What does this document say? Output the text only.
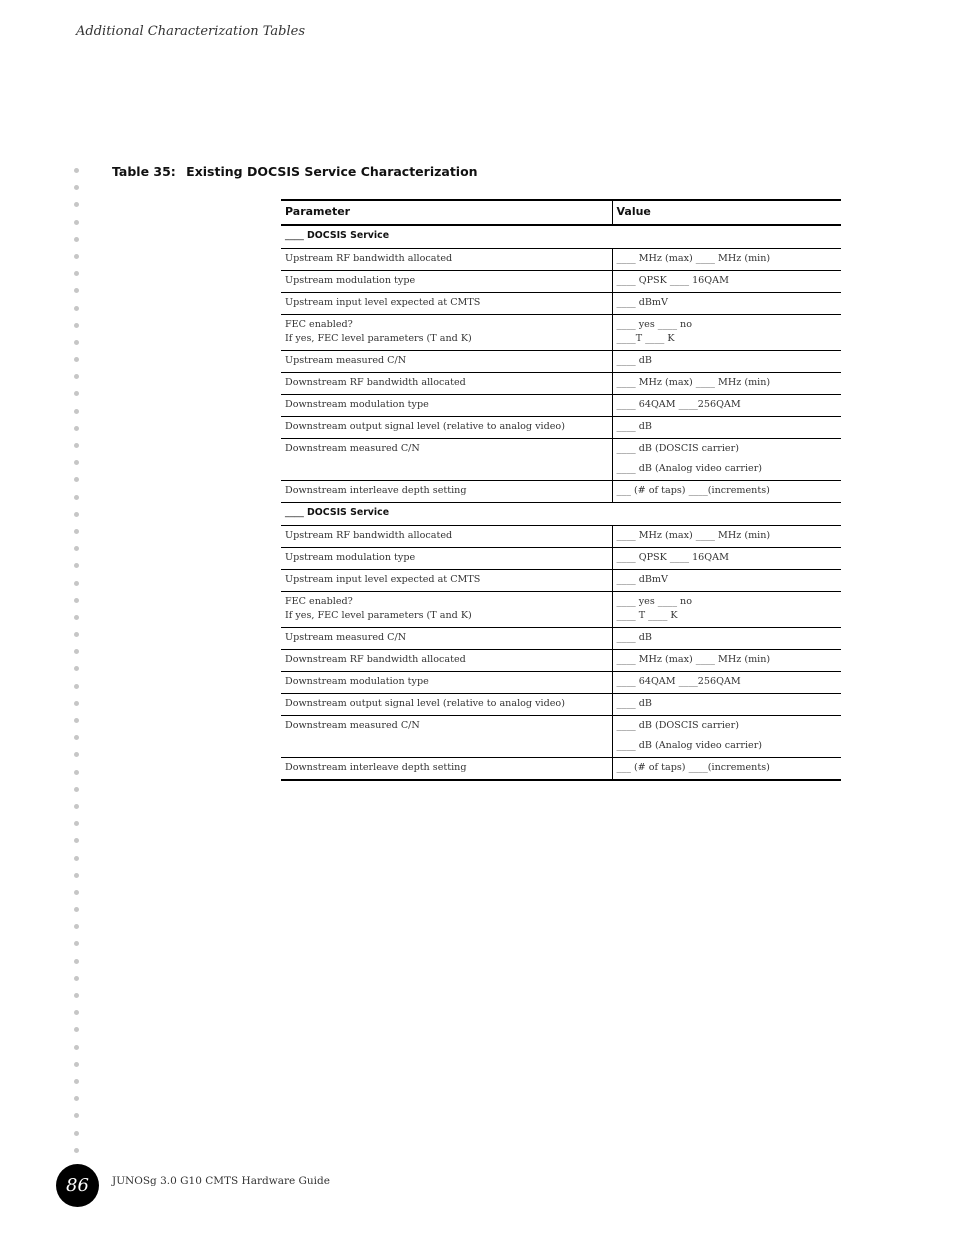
Additional Characterization Tables
Table 35: Existing DOCSIS Service Characterization
Parameter	Value
____ DOCSIS Service	

Upstream RF bandwidth allocated	____ MHz (max) ____ MHz (min)

Upstream modulation type	____ QPSK ____ 16QAM

Upstream input level expected at CMTS	____ dBmV

FEC enabled?
If yes, FEC level parameters (T and K)	____ yes ____ no
____T ____ K

Upstream measured C/N	____ dB

Downstream RF bandwidth allocated	____ MHz (max) ____ MHz (min)

Downstream modulation type	____ 64QAM ____256QAM

Downstream output signal level (relative to analog video)	____ dB

Downstream measured C/N	____ dB (DOSCIS carrier)
____ dB (Analog video carrier)

Downstream interleave depth setting	___ (# of taps) ____(increments)

____ DOCSIS Service	

Upstream RF bandwidth allocated	____ MHz (max) ____ MHz (min)

Upstream modulation type	____ QPSK ____ 16QAM

Upstream input level expected at CMTS	____ dBmV

FEC enabled?
If yes, FEC level parameters (T and K)	____ yes ____ no
____ T ____ K

Upstream measured C/N	____ dB

Downstream RF bandwidth allocated	____ MHz (max) ____ MHz (min)

Downstream modulation type	____ 64QAM ____256QAM

Downstream output signal level (relative to analog video)	____ dB

Downstream measured C/N	____ dB (DOSCIS carrier)
____ dB (Analog video carrier)

Downstream interleave depth setting	___ (# of taps) ____(increments)
86	JUNOSg 3.0 G10 CMTS Hardware Guide
